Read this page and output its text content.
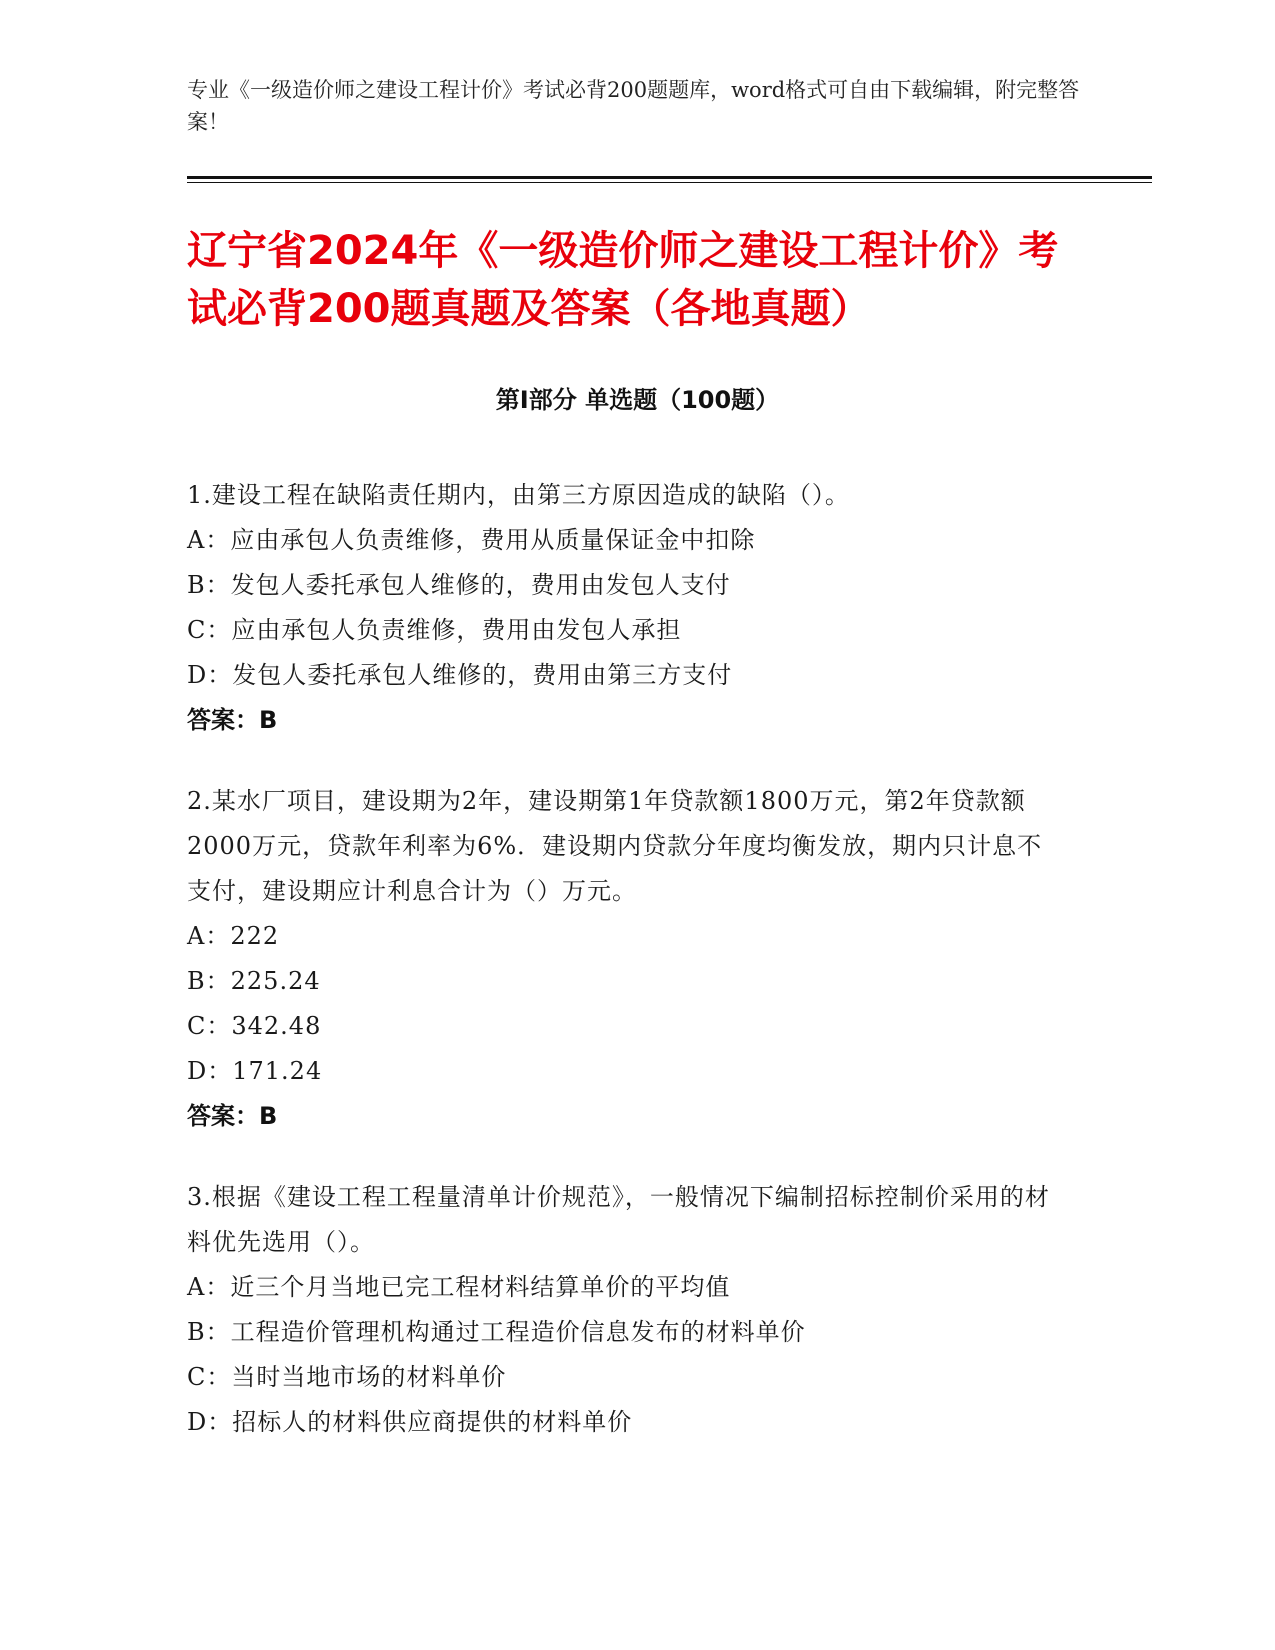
专业《一级造价师之建设工程计价》考试必背200题题库，word格式可自由下载编辑，附完整答案！
辽宁省2024年《一级造价师之建设工程计价》考试必背200题真题及答案（各地真题）
第I部分 单选题（100题）
1.建设工程在缺陷责任期内，由第三方原因造成的缺陷（）。
A：应由承包人负责维修，费用从质量保证金中扣除
B：发包人委托承包人维修的，费用由发包人支付
C：应由承包人负责维修，费用由发包人承担
D：发包人委托承包人维修的，费用由第三方支付
答案：B
2.某水厂项目，建设期为2年，建设期第1年贷款额1800万元，第2年贷款额2000万元，贷款年利率为6%．建设期内贷款分年度均衡发放，期内只计息不支付，建设期应计利息合计为（）万元。
A：222
B：225.24
C：342.48
D：171.24
答案：B
3.根据《建设工程工程量清单计价规范》，一般情况下编制招标控制价采用的材料优先选用（）。
A：近三个月当地已完工程材料结算单价的平均值
B：工程造价管理机构通过工程造价信息发布的材料单价
C：当时当地市场的材料单价
D：招标人的材料供应商提供的材料单价
